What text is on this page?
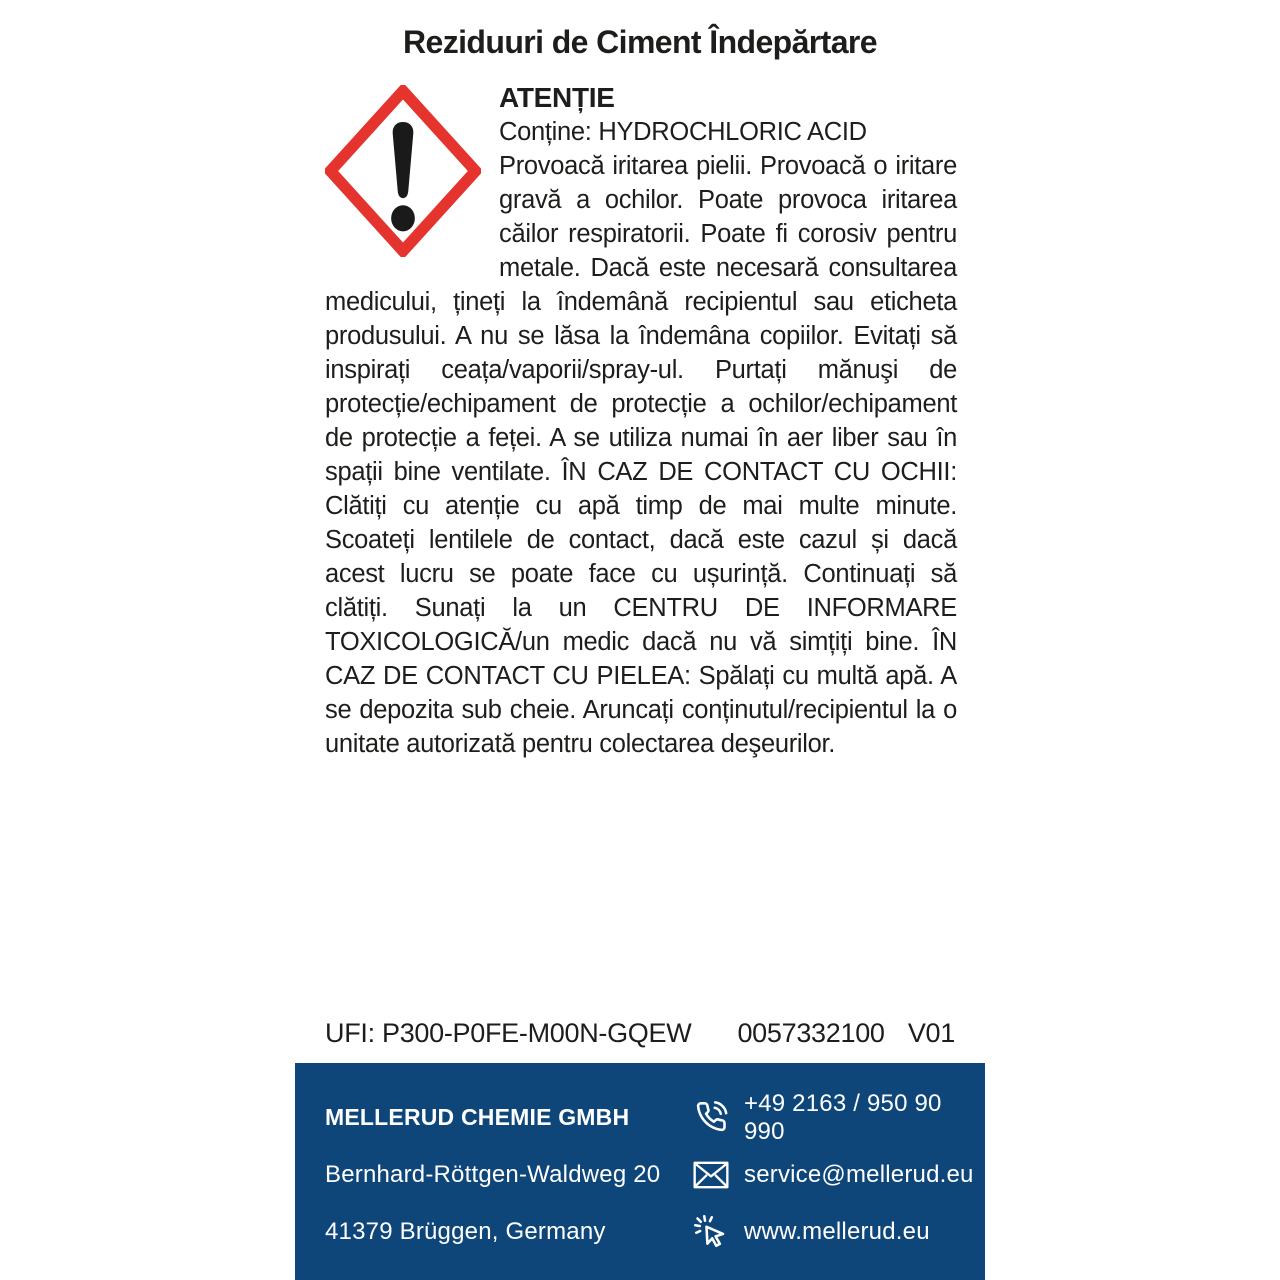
Reziduuri de Ciment Îndepărtare
ATENȚIE
Conține: HYDROCHLORIC ACID
Provoacă iritarea pielii. Provoacă o iritare gravă a ochilor. Poate provoca iritarea căilor respiratorii. Poate fi corosiv pentru metale. Dacă este necesară consultarea medicului, țineți la îndemână recipientul sau eticheta produsului. A nu se lăsa la îndemâna copiilor. Evitați să inspirați ceața/vaporii/spray-ul. Purtați mănuşi de protecție/echipament de protecție a ochilor/echipament de protecție a feței. A se utiliza numai în aer liber sau în spații bine ventilate. ÎN CAZ DE CONTACT CU OCHII: Clătiți cu atenție cu apă timp de mai multe minute. Scoateți lentilele de contact, dacă este cazul și dacă acest lucru se poate face cu ușurință. Continuați să clătiți. Sunați la un CENTRU DE INFORMARE TOXICOLOGICĂ/un medic dacă nu vă simțiți bine. ÎN CAZ DE CONTACT CU PIELEA: Spălați cu multă apă. A se depozita sub cheie. Aruncați conținutul/recipientul la o unitate autorizată pentru colectarea deşeurilor.
UFI: P300-P0FE-M00N-GQEW 0057332100 V01
MELLERUD CHEMIE GMBH
+49 2163 / 950 90 990
Bernhard-Röttgen-Waldweg 20	service@mellerud.eu
41379 Brüggen, Germany	www.mellerud.eu
